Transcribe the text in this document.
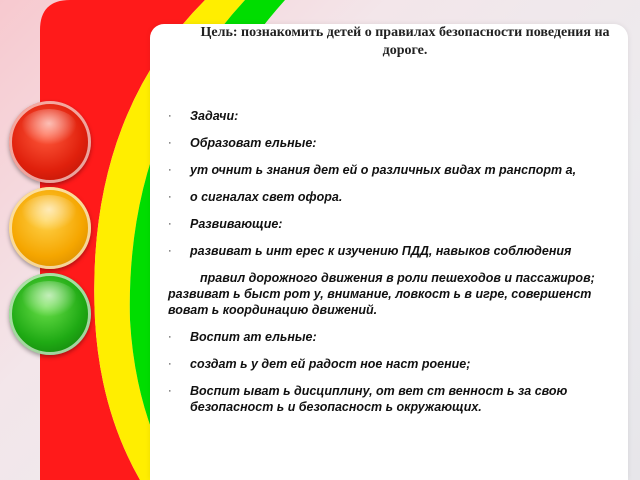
Цель: познакомить детей о правилах безопасности поведения на дороге.
· Задачи:
· Образоват ельные:
· ут очнит ь знания дет ей о различных видах т ранспорт а,
· о сигналах свет офора.
· Развивающие:
· развиват ь инт ерес к изучению ПДД, навыков соблюдения
правил дорожного движения в роли пешеходов и пассажиров; развиват ь быст рот у, внимание, ловкост ь в игре, совершенст воват ь координацию движений.
· Воспит ат ельные:
· создат ь у дет ей радост ное наст роение;
· Воспит ыват ь дисциплину, от вет ст венност ь за свою безопасност ь и безопасност ь окружающих.
